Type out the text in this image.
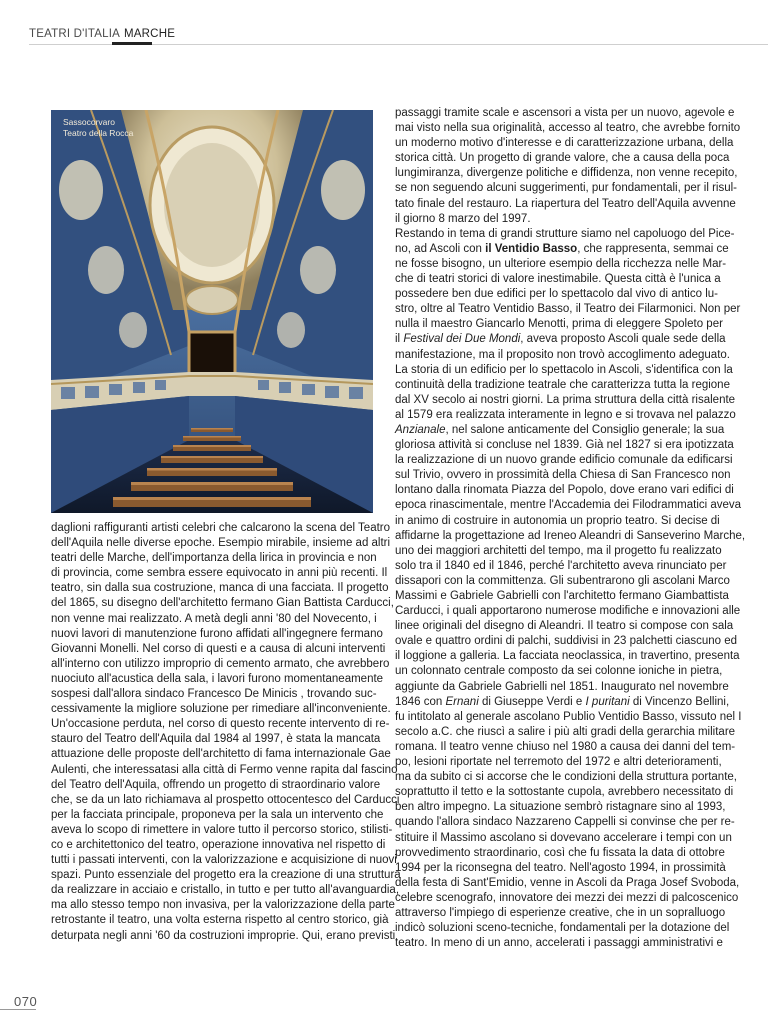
TEATRI D'ITALIA MARCHE
Sassocorvaro
Teatro della Rocca

daglioni raffiguranti artisti celebri che calcarono la scena del Teatro

dell'Aquila nelle diverse epoche. Esempio mirabile, insieme ad altri

teatri delle Marche, dell'importanza della lirica in provincia e non

di provincia, come sembra essere equivocato in anni più recenti. Il

teatro, sin dalla sua costruzione, manca di una facciata. Il progetto

del 1865, su disegno dell'architetto fermano Gian Battista Carducci,

non venne mai realizzato. A metà degli anni '80 del Novecento, i

nuovi lavori di manutenzione furono affidati all'ingegnere fermano

Giovanni Monelli. Nel corso di questi e a causa di alcuni interventi

all'interno con utilizzo improprio di cemento armato, che avrebbero

nuociuto all'acustica della sala, i lavori furono momentaneamente

sospesi dall'allora sindaco Francesco De Minicis , trovando suc-

cessivamente la migliore soluzione per rimediare all'inconveniente.

Un'occasione perduta, nel corso di questo recente intervento di re-

stauro del Teatro dell'Aquila dal 1984 al 1997, è stata la mancata

attuazione delle proposte dell'architetto di fama internazionale Gae

Aulenti, che interessatasi alla città di Fermo venne rapita dal fascino

del Teatro dell'Aquila, offrendo un progetto di straordinario valore

che, se da un lato richiamava al prospetto ottocentesco del Carducci

per la facciata principale, proponeva per la sala un intervento che

aveva lo scopo di rimettere in valore tutto il percorso storico, stilisti-

co e architettonico del teatro, operazione innovativa nel rispetto di

tutti i passati interventi, con la valorizzazione e acquisizione di nuovi

spazi. Punto essenziale del progetto era la creazione di una struttura

da realizzare in acciaio e cristallo, in tutto e per tutto all'avanguardia,

ma allo stesso tempo non invasiva, per la valorizzazione della parte

retrostante il teatro, una volta esterna rispetto al centro storico, già

deturpata negli anni '60 da costruzioni improprie. Qui, erano previsti

passaggi tramite scale e ascensori a vista per un nuovo, agevole e

mai visto nella sua originalità, accesso al teatro, che avrebbe fornito

un moderno motivo d'interesse e di caratterizzazione urbana, della

storica città. Un progetto di grande valore, che a causa della poca

lungimiranza, divergenze politiche e diffidenza, non venne recepito,

se non seguendo alcuni suggerimenti, pur fondamentali, per il risul-

tato finale del restauro. La riapertura del Teatro dell'Aquila avvenne

il giorno 8 marzo del 1997.

Restando in tema di grandi strutture siamo nel capoluogo del Pice-

no, ad Ascoli con il Ventidio Basso, che rappresenta, semmai ce

ne fosse bisogno, un ulteriore esempio della ricchezza nelle Mar-

che di teatri storici di valore inestimabile. Questa città è l'unica a

possedere ben due edifici per lo spettacolo dal vivo di antico lu-

stro, oltre al Teatro Ventidio Basso, il Teatro dei Filarmonici. Non per

nulla il maestro Giancarlo Menotti, prima di eleggere Spoleto per

il Festival dei Due Mondi, aveva proposto Ascoli quale sede della

manifestazione, ma il proposito non trovò accoglimento adeguato.

La storia di un edificio per lo spettacolo in Ascoli, s'identifica con la

continuità della tradizione teatrale che caratterizza tutta la regione

dal XV secolo ai nostri giorni. La prima struttura della città risalente

al 1579 era realizzata interamente in legno e si trovava nel palazzo

Anzianale, nel salone anticamente del Consiglio generale; la sua

gloriosa attività si concluse nel 1839. Già nel 1827 si era ipotizzata

la realizzazione di un nuovo grande edificio comunale da edificarsi

sul Trivio, ovvero in prossimità della Chiesa di San Francesco non

lontano dalla rinomata Piazza del Popolo, dove erano vari edifici di

epoca rinascimentale, mentre l'Accademia dei Filodrammatici aveva

in animo di costruire in autonomia un proprio teatro. Si decise di

affidarne la progettazione ad Ireneo Aleandri di Sanseverino Marche,

uno dei maggiori architetti del tempo, ma il progetto fu realizzato

solo tra il 1840 ed il 1846, perché l'architetto aveva rinunciato per

dissapori con la committenza. Gli subentrarono gli ascolani Marco

Massimi e Gabriele Gabrielli con l'architetto fermano Giambattista

Carducci, i quali apportarono numerose modifiche e innovazioni alle

linee originali del disegno di Aleandri. Il teatro si compose con sala

ovale e quattro ordini di palchi, suddivisi in 23 palchetti ciascuno ed

il loggione a galleria. La facciata neoclassica, in travertino, presenta

un colonnato centrale composto da sei colonne ioniche in pietra,

aggiunte da Gabriele Gabrielli nel 1851. Inaugurato nel novembre

1846 con Ernani di Giuseppe Verdi e I puritani di Vincenzo Bellini,

fu intitolato al generale ascolano Publio Ventidio Basso, vissuto nel I

secolo a.C. che riuscì a salire i più alti gradi della gerarchia militare

romana. Il teatro venne chiuso nel 1980 a causa dei danni del tem-

po, lesioni riportate nel terremoto del 1972 e altri deterioramenti,

ma da subito ci si accorse che le condizioni della struttura portante,

soprattutto il tetto e la sottostante cupola, avrebbero necessitato di

ben altro impegno. La situazione sembrò ristagnare sino al 1993,

quando l'allora sindaco Nazzareno Cappelli si convinse che per re-

stituire il Massimo ascolano si dovevano accelerare i tempi con un

provvedimento straordinario, così che fu fissata la data di ottobre

1994 per la riconsegna del teatro. Nell'agosto 1994, in prossimità

della festa di Sant'Emidio, venne in Ascoli da Praga Josef Svoboda,

celebre scenografo, innovatore dei mezzi dei mezzi di palcoscenico

attraverso l'impiego di esperienze creative, che in un sopralluogo

indicò soluzioni sceno-tecniche, fondamentali per la dotazione del

teatro. In meno di un anno, accelerati i passaggi amministrativi e

070
